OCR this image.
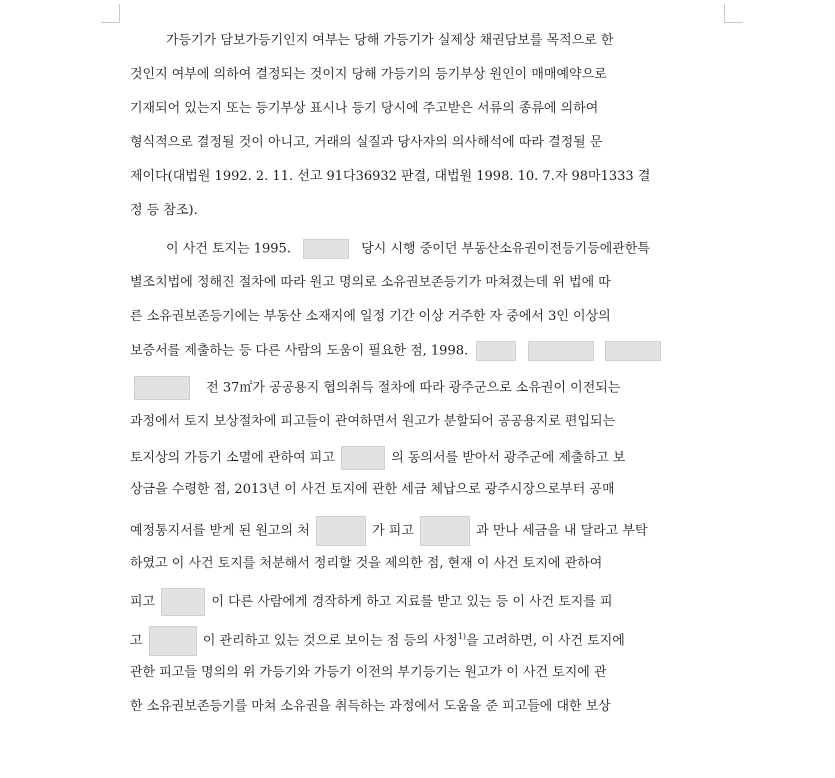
가등기가 담보가등기인지 여부는 당해 가등기가 실제상 채권담보를 목적으로 한
것인지 여부에 의하여 결정되는 것이지 당해 가등기의 등기부상 원인이 매매예약으로
기재되어 있는지 또는 등기부상 표시나 등기 당시에 주고받은 서류의 종류에 의하여
형식적으로 결정될 것이 아니고, 거래의 실질과 당사자의 의사해석에 따라 결정될 문
제이다(대법원 1992. 2. 11. 선고 91다36932 판결, 대법원 1998. 10. 7.자 98마1333 결
정 등 참조).
이 사건 토지는 1995.	당시 시행 중이던 부동산소유권이전등기등에관한특
별조치법에 정해진 절차에 따라 원고 명의로 소유권보존등기가 마쳐졌는데 위 법에 따
른 소유권보존등기에는 부동산 소재지에 일정 기간 이상 거주한 자 중에서 3인 이상의
보증서를 제출하는 등 다른 사람의 도움이 필요한 점, 1998.
전 37㎡가 공공용지 협의취득 절차에 따라 광주군으로 소유권이 이전되는
과정에서 토지 보상절차에 피고들이 관여하면서 원고가 분할되어 공공용지로 편입되는
토지상의 가등기 소멸에 관하여 피고	의 동의서를 받아서 광주군에 제출하고 보
상금을 수령한 점, 2013년 이 사건 토지에 관한 세금 체납으로 광주시장으로부터 공매
예정통지서를 받게 된 원고의 처	가 피고	과 만나 세금을 내 달라고 부탁
하였고 이 사건 토지를 처분해서 정리할 것을 제의한 점, 현재 이 사건 토지에 관하여
피고	이 다른 사람에게 경작하게 하고 지료를 받고 있는 등 이 사건 토지를 피
고	이 관리하고 있는 것으로 보이는 점 등의 사정$^{1)}$을 고려하면, 이 사건 토지에
관한 피고들 명의의 위 가등기와 가등기 이전의 부기등기는 원고가 이 사건 토지에 관
한 소유권보존등기를 마쳐 소유권을 취득하는 과정에서 도움을 준 피고들에 대한 보상
